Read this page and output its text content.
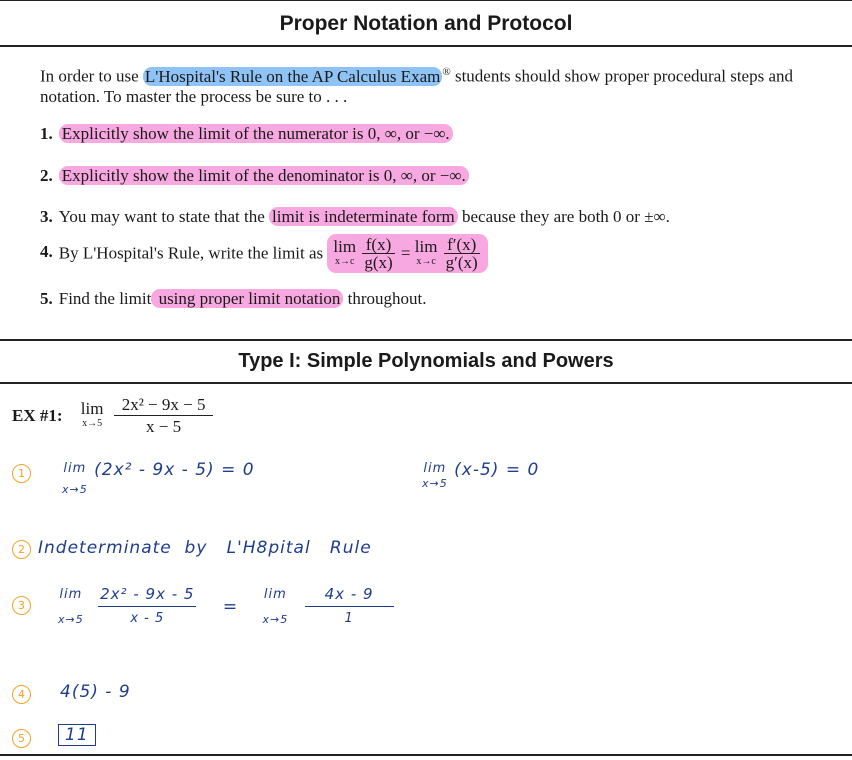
Proper Notation and Protocol
In order to use L'Hospital's Rule on the AP Calculus Exam ® students should show proper procedural steps and notation. To master the process be sure to . . .
1. Explicitly show the limit of the numerator is 0, ∞, or −∞.
2. Explicitly show the limit of the denominator is 0, ∞, or −∞.
3. You may want to state that the limit is indeterminate form because they are both 0 or ±∞.
4. By L'Hospital's Rule, write the limit as lim
x→c
$\frac{f(x)}{g(x)} = \lim$
x→c
$\frac{f'(x)}{g'(x)}$
5. Find the limit using proper limit notation throughout.
Type I: Simple Polynomials and Powers
EX #1: lim
x→5
$\frac{\text{2x² − 9x − 5}}{x - 5}$
1	lim
x→5
(2x² - 9x - 5) = 0	lim
x→5
(x-5) = 0
2 Indeterminate  by   L'H8pital   Rule
3
lim
x→5
$\frac{\text{2x² - 9x - 5}}{x - 5} = \lim$
x→5
$\frac{4x - 9}{1}$
4	4(5) - 9
5	11
